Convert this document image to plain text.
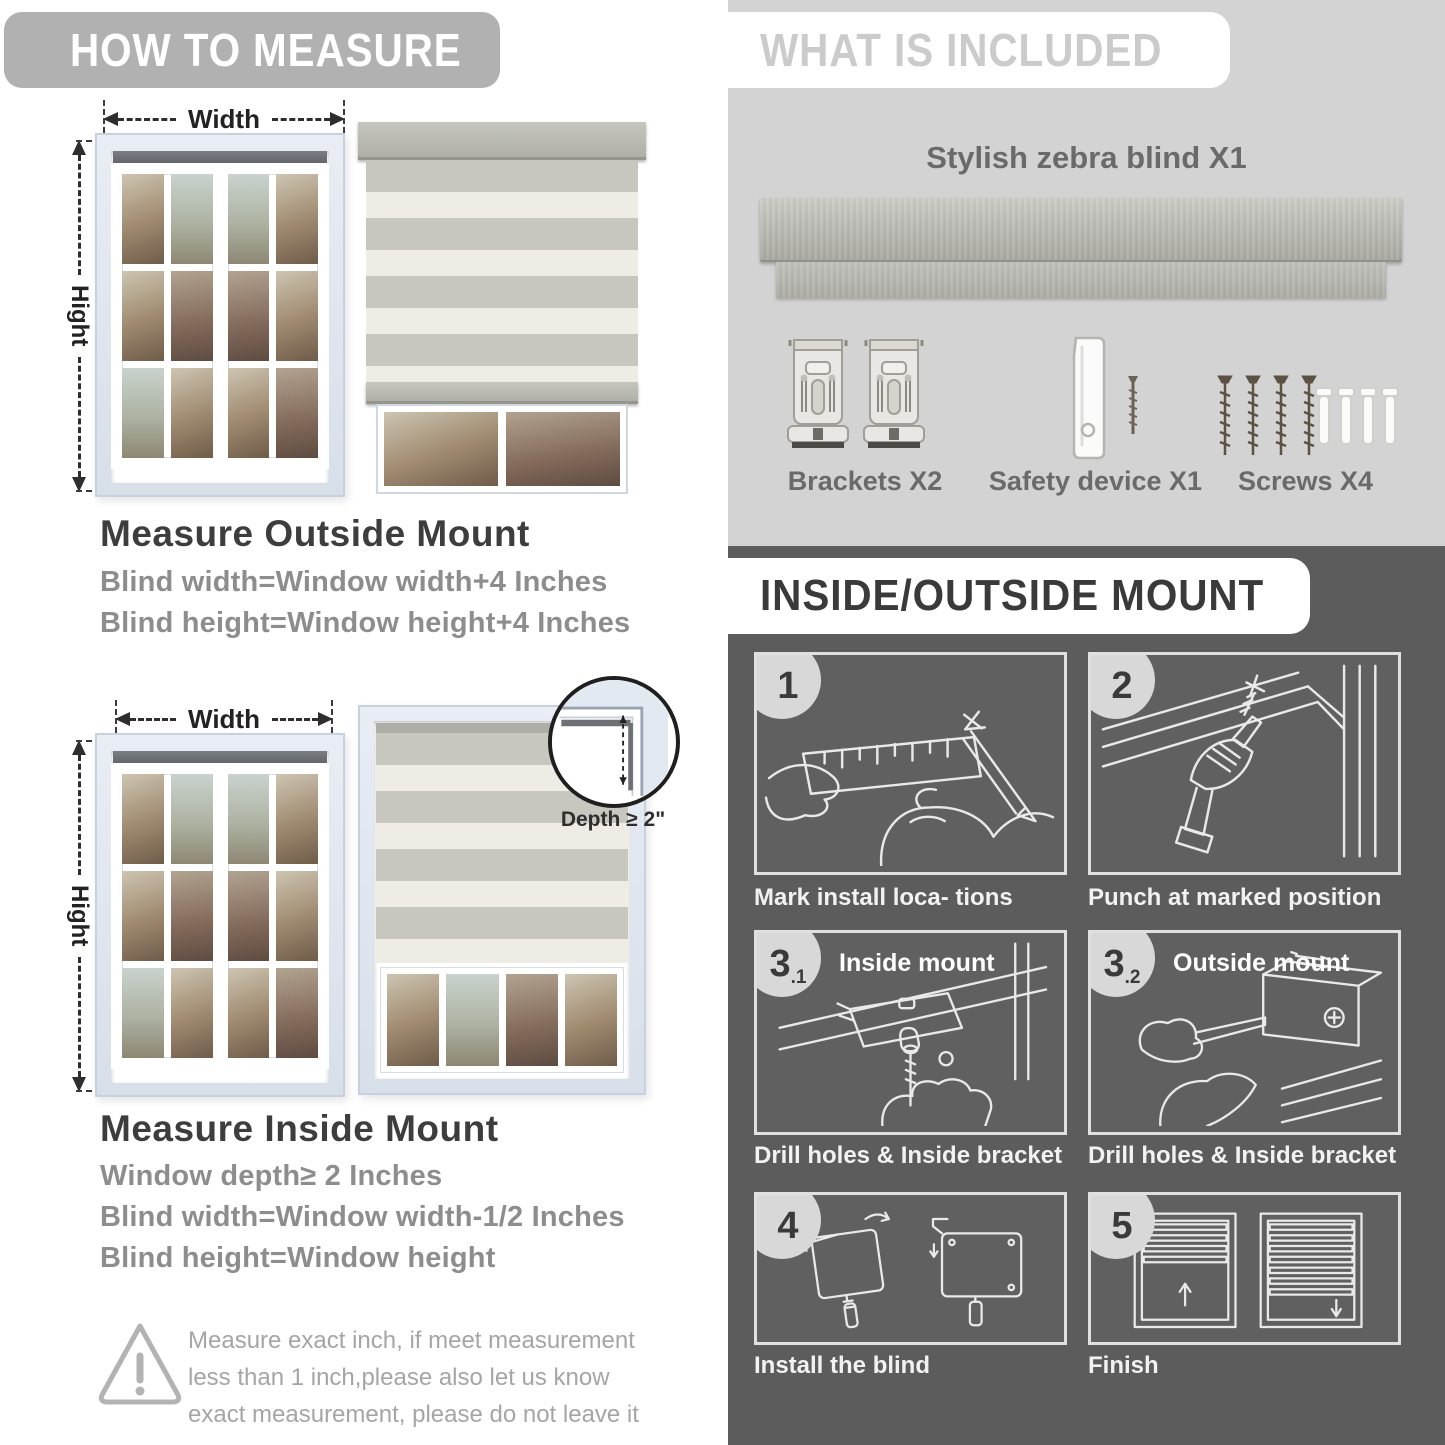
HOW TO MEASURE
Width
Hight
Measure Outside Mount
Blind width=Window width+4 Inches
Blind height=Window height+4 Inches
Width
Hight
Depth ≥ 2"
Measure Inside Mount
Window depth≥ 2 Inches
Blind width=Window width-1/2 Inches
Blind height=Window height
Measure exact inch, if meet measurement less than 1 inch,please also let us know exact measurement, please do not leave it
WHAT IS INCLUDED
Stylish zebra blind X1
Brackets X2	Safety device X1	Screws X4
INSIDE/OUTSIDE MOUNT
1
Mark install loca- tions
2
Punch at marked position
3 .1
Inside mount
Drill holes & Inside bracket
3 .2
Outside mount
Drill holes & Inside bracket
4
Install the blind
5
Finish
